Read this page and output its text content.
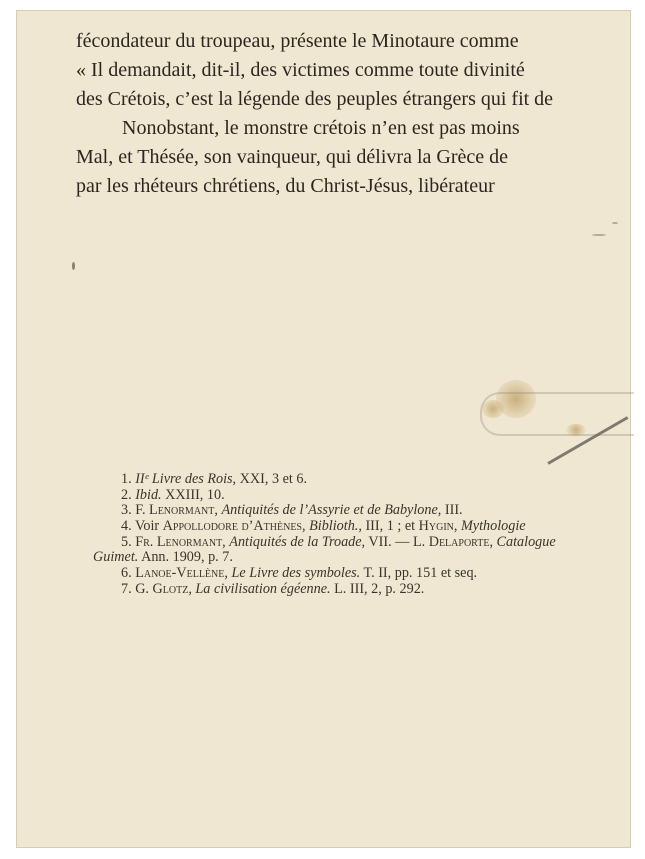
fécondateur du troupeau, présente le Minotaure comme
« Il demandait, dit-il, des victimes comme toute divinité
des Crétois, c’est la légende des peuples étrangers qui fit de
Nonobstant, le monstre crétois n’en est pas moins
Mal, et Thésée, son vainqueur, qui délivra la Grèce de
par les rhéteurs chrétiens, du Christ-Jésus, libérateur
1. IIᵉ Livre des Rois, XXI, 3 et 6.
2. Ibid. XXIII, 10.
3. F. Lenormant, Antiquités de l’Assyrie et de Babylone, III.
4. Voir Appollodore d’Athènes, Biblioth., III, 1 ; et Hygin, Mythologie
5. Fr. Lenormant, Antiquités de la Troade, VII. — L. Delaporte, Catalogue
Guimet. Ann. 1909, p. 7.
6. Lanoe-Vellène, Le Livre des symboles. T. II, pp. 151 et seq.
7. G. Glotz, La civilisation égéenne. L. III, 2, p. 292.
